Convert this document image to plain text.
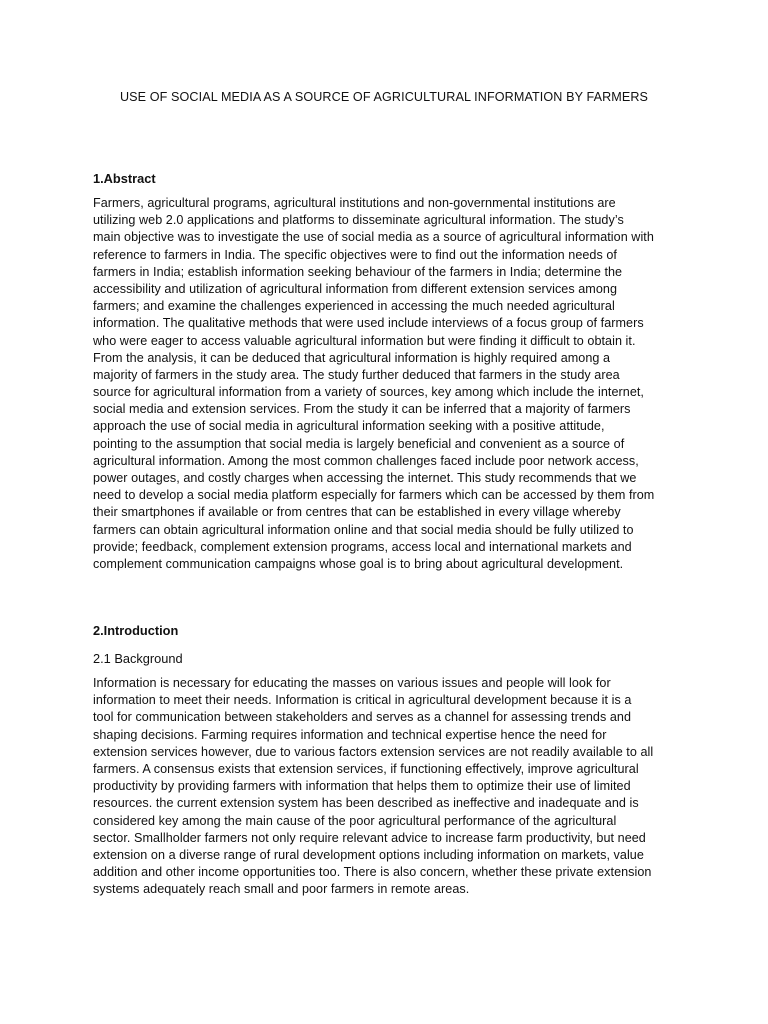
USE OF SOCIAL MEDIA AS A SOURCE OF AGRICULTURAL INFORMATION BY FARMERS
1.Abstract
Farmers, agricultural programs, agricultural institutions and non-governmental institutions are
utilizing web 2.0 applications and platforms to disseminate agricultural information. The study’s
main objective was to investigate the use of social media as a source of agricultural information with
reference to farmers in India. The specific objectives were to find out the information needs of
farmers in India; establish information seeking behaviour of the farmers in India; determine the
accessibility and utilization of agricultural information from different extension services among
farmers; and examine the challenges experienced in accessing the much needed agricultural
information. The qualitative methods that were used include interviews of a focus group of farmers
who were eager to access valuable agricultural information but were finding it difficult to obtain it.
From the analysis, it can be deduced that agricultural information is highly required among a
majority of farmers in the study area. The study further deduced that farmers in the study area
source for agricultural information from a variety of sources, key among which include the internet,
social media and extension services. From the study it can be inferred that a majority of farmers
approach the use of social media in agricultural information seeking with a positive attitude,
pointing to the assumption that social media is largely beneficial and convenient as a source of
agricultural information. Among the most common challenges faced include poor network access,
power outages, and costly charges when accessing the internet. This study recommends that we
need to develop a social media platform especially for farmers which can be accessed by them from
their smartphones if available or from centres that can be established in every village whereby
farmers can obtain agricultural information online and that social media should be fully utilized to
provide; feedback, complement extension programs, access local and international markets and
complement communication campaigns whose goal is to bring about agricultural development.
2.Introduction
2.1 Background
Information is necessary for educating the masses on various issues and people will look for
information to meet their needs. Information is critical in agricultural development because it is a
tool for communication between stakeholders and serves as a channel for assessing trends and
shaping decisions. Farming requires information and technical expertise hence the need for
extension services however, due to various factors extension services are not readily available to all
farmers. A consensus exists that extension services, if functioning effectively, improve agricultural
productivity by providing farmers with information that helps them to optimize their use of limited
resources. the current extension system has been described as ineffective and inadequate and is
considered key among the main cause of the poor agricultural performance of the agricultural
sector. Smallholder farmers not only require relevant advice to increase farm productivity, but need
extension on a diverse range of rural development options including information on markets, value
addition and other income opportunities too. There is also concern, whether these private extension
systems adequately reach small and poor farmers in remote areas.
